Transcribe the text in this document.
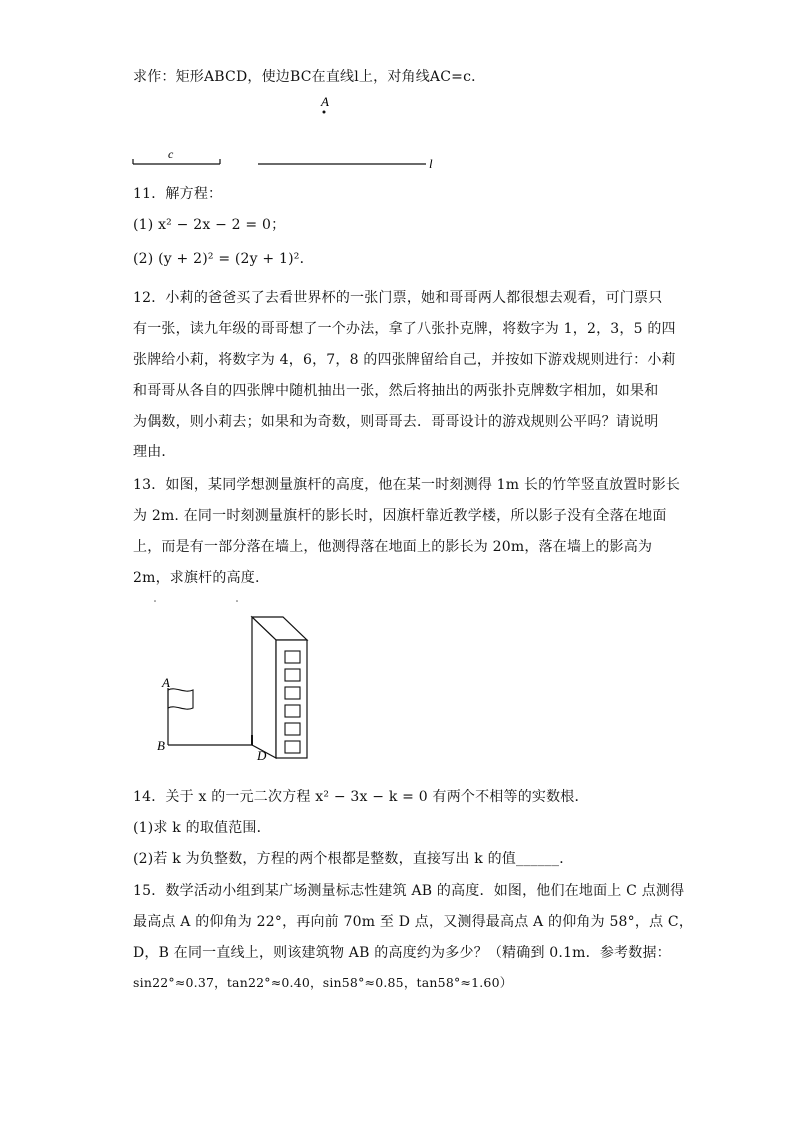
求作：矩形ABCD，使边BC在直线l上，对角线AC=c．
A
c
l
11．解方程：
(1) x² − 2x − 2 = 0；
(2) (y + 2)² = (2y + 1)²．
12．小莉的爸爸买了去看世界杯的一张门票，她和哥哥两人都很想去观看，可门票只
有一张，读九年级的哥哥想了一个办法，拿了八张扑克牌，将数字为 1，2，3，5 的四
张牌给小莉，将数字为 4，6，7，8 的四张牌留给自己，并按如下游戏规则进行：小莉
和哥哥从各自的四张牌中随机抽出一张，然后将抽出的两张扑克牌数字相加，如果和
为偶数，则小莉去；如果和为奇数，则哥哥去．哥哥设计的游戏规则公平吗？请说明
理由．
13．如图，某同学想测量旗杆的高度，他在某一时刻测得 1m 长的竹竿竖直放置时影长
为 2m. 在同一时刻测量旗杆的影长时，因旗杆靠近教学楼，所以影子没有全落在地面
上，而是有一部分落在墙上，他测得落在地面上的影长为 20m，落在墙上的影高为
2m，求旗杆的高度.
A
B
D
14．关于 x 的一元二次方程 x² − 3x − k = 0 有两个不相等的实数根．
(1)求 k 的取值范围．
(2)若 k 为负整数，方程的两个根都是整数，直接写出 k 的值______．
15．数学活动小组到某广场测量标志性建筑 AB 的高度．如图，他们在地面上 C 点测得
最高点 A 的仰角为 22°，再向前 70m 至 D 点，又测得最高点 A 的仰角为 58°，点 C，
D，B 在同一直线上，则该建筑物 AB 的高度约为多少？（精确到 0.1m．参考数据：
sin22°≈0.37，tan22°≈0.40，sin58°≈0.85，tan58°≈1.60）
